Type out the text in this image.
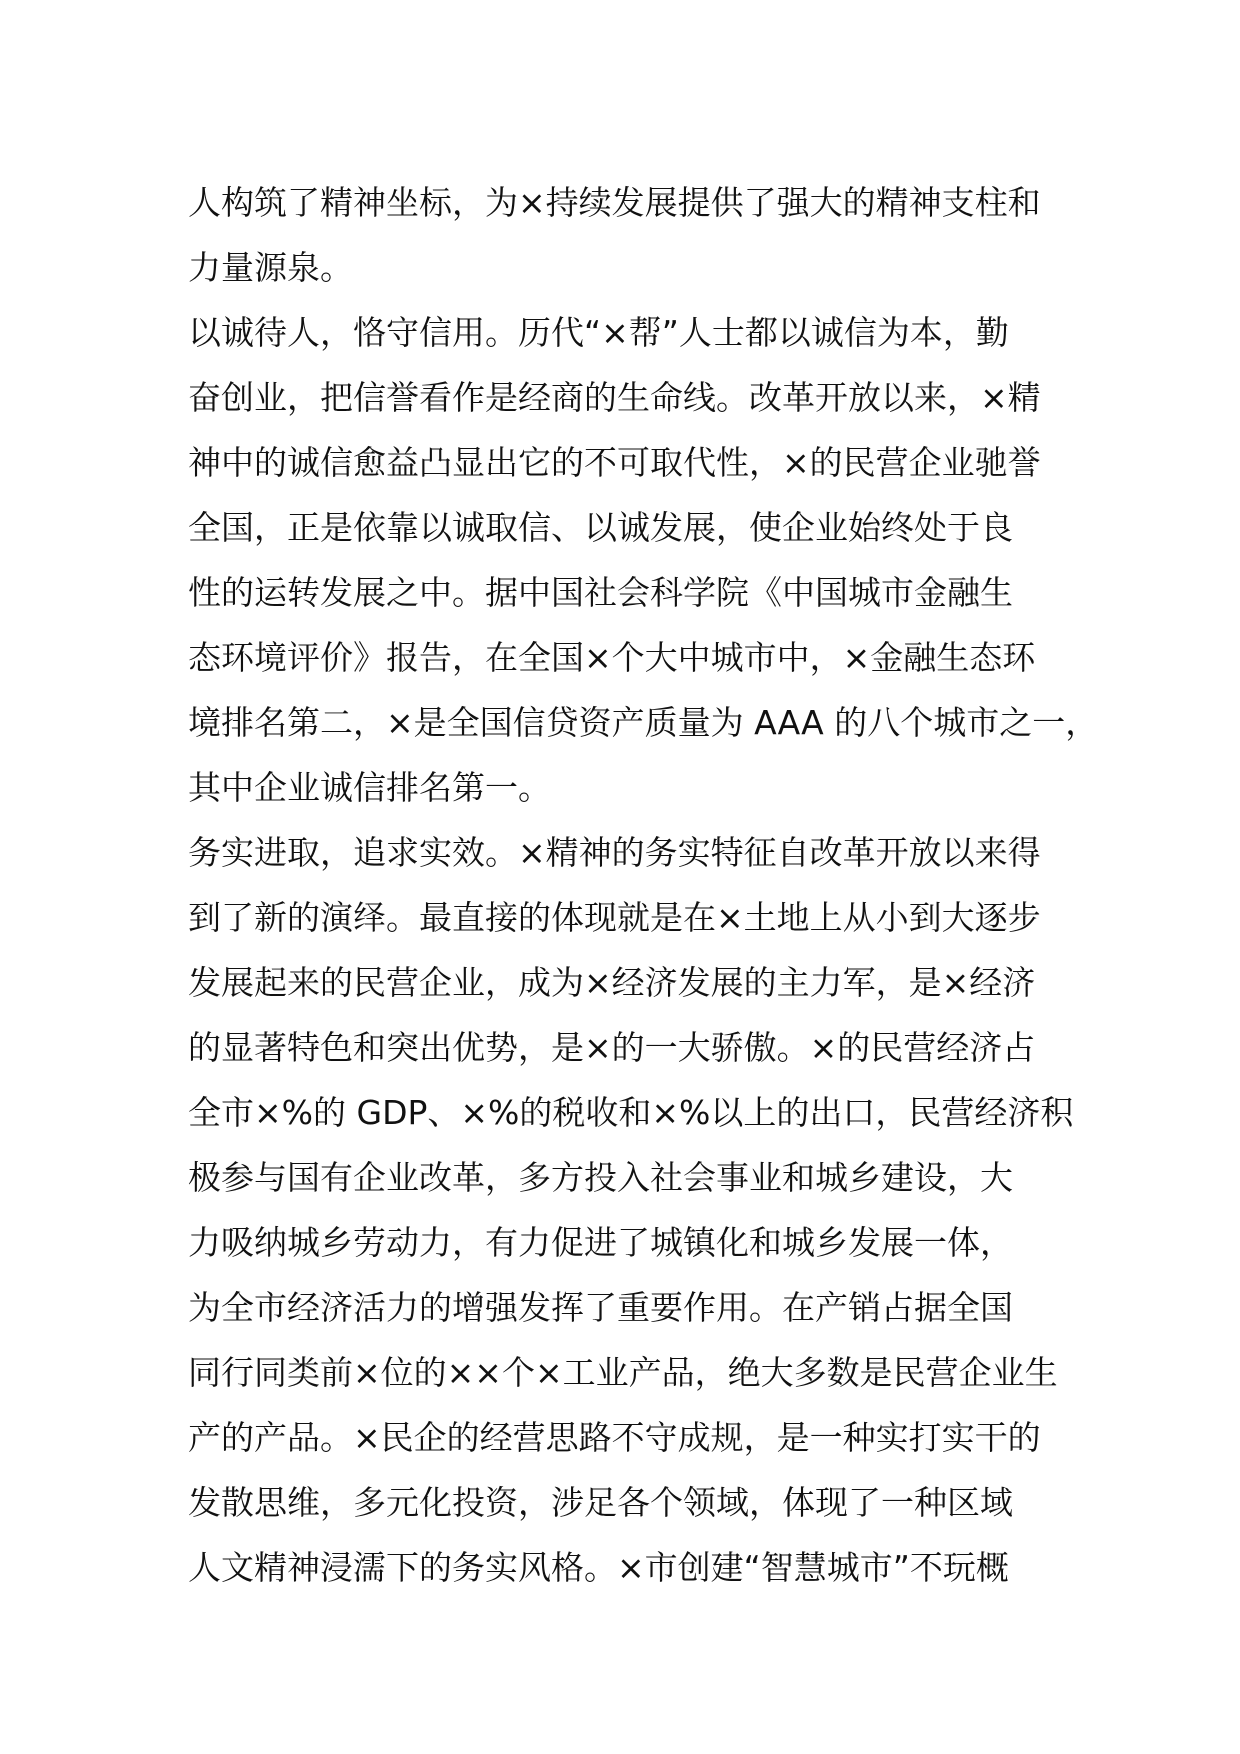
人构筑了精神坐标，为×持续发展提供了强大的精神支柱和
力量源泉。
以诚待人，恪守信用。历代“×帮”人士都以诚信为本，勤
奋创业，把信誉看作是经商的生命线。改革开放以来，×精
神中的诚信愈益凸显出它的不可取代性，×的民营企业驰誉
全国，正是依靠以诚取信、以诚发展，使企业始终处于良
性的运转发展之中。据中国社会科学院《中国城市金融生
态环境评价》报告，在全国×个大中城市中，×金融生态环
境排名第二，×是全国信贷资产质量为 AAA 的八个城市之一，
其中企业诚信排名第一。
务实进取，追求实效。×精神的务实特征自改革开放以来得
到了新的演绎。最直接的体现就是在×土地上从小到大逐步
发展起来的民营企业，成为×经济发展的主力军，是×经济
的显著特色和突出优势，是×的一大骄傲。×的民营经济占
全市×%的 GDP、×%的税收和×%以上的出口，民营经济积
极参与国有企业改革，多方投入社会事业和城乡建设，大
力吸纳城乡劳动力，有力促进了城镇化和城乡发展一体，
为全市经济活力的增强发挥了重要作用。在产销占据全国
同行同类前×位的××个×工业产品，绝大多数是民营企业生
产的产品。×民企的经营思路不守成规，是一种实打实干的
发散思维，多元化投资，涉足各个领域，体现了一种区域
人文精神浸濡下的务实风格。×市创建“智慧城市”不玩概
